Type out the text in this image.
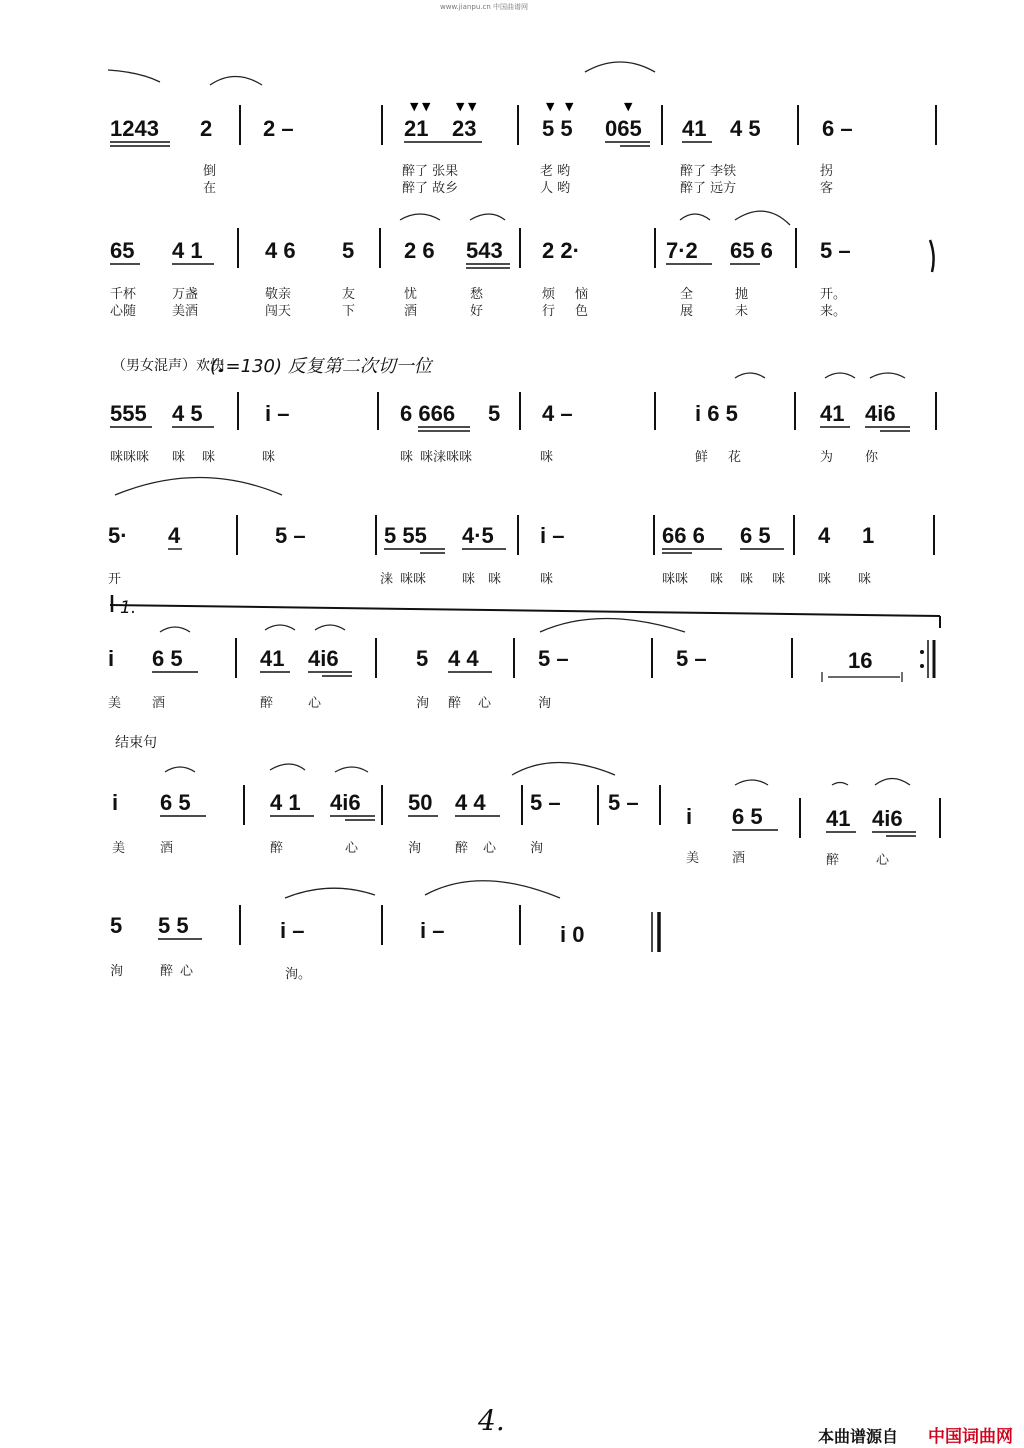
www.jianpu.cn 中国曲谱网
1243 2 2 –	21 23
▼ ▼ ▼ ▼
5 5 065
▼   ▼	▼
41 4 5	6 –
倒	醉了 张果	老 哟	醉了 李铁	拐
在	醉了 故乡	人 哟	醉了 远方	客
65 4 1	4 6 5 2 6 543 2 2·	7·2 65 6 5 –
千杯	万盏	敬亲	友	忧	愁	烦 恼	全	抛	开。
心随	美酒	闯天	下	酒	好	行 色	展	未	来。
555 4 5	i –	6 666 5 4 –	i 6 5	41 4i6
咪咪咪 咪 咪	咪	咪 咪涞咪咪	咪	鲜 花	为 你
5· 4	5 –	5 55 4·5 i –	66 6 6 5 4 1
开	涞 咪咪	咪 咪	咪	咪咪 咪 咪 咪	咪 咪
1.
i 6 5	41 4i6	5 4 4	5 –	5 –	16
美 酒	醉	心	洵 醉 心	洵
i 6 5	4 1 4i6 50 4 4 5 – 5 –
i 6 5	41 4i6
美	酒	醉	心	洵	醉 心	洵
美	酒	醉	心
5 5 5	i –	i –	i 0
洵	醉 心	洵。
（男女混声）欢快
(♩=130) 反复第二次切一位
结束句
4.	本曲谱源自 中国词曲网
